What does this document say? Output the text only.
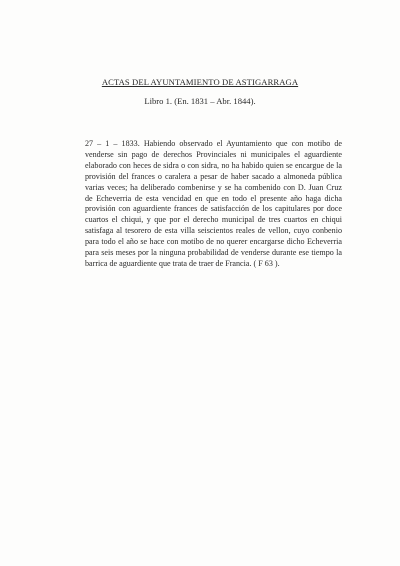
ACTAS DEL AYUNTAMIENTO DE ASTIGARRAGA
Libro 1. (En. 1831 – Abr. 1844).

27 – 1 – 1833. Habiendo observado el Ayuntamiento que con motibo de venderse sin pago de derechos Provinciales ni municipales el aguardiente elaborado con heces de sidra o con sidra, no ha habido quien se encargue de la provisión del frances o caralera a pesar de haber sacado a almoneda pública varias veces; ha deliberado combenirse y se ha combenido con D. Juan Cruz de Echeverria de esta vencidad en que en todo el presente año haga dicha provisión con aguardiente frances de satisfacción de los capitulares por doce cuartos el chiqui, y que por el derecho municipal de tres cuartos en chiqui satisfaga al tesorero de esta villa seiscientos reales de vellon, cuyo conbenio para todo el año se hace con motibo de no querer encargarse dicho Echeverria para seis meses por la ninguna probabilidad de venderse durante ese tiempo la barrica de aguardiente que trata de traer de Francia. ( F 63 ).
